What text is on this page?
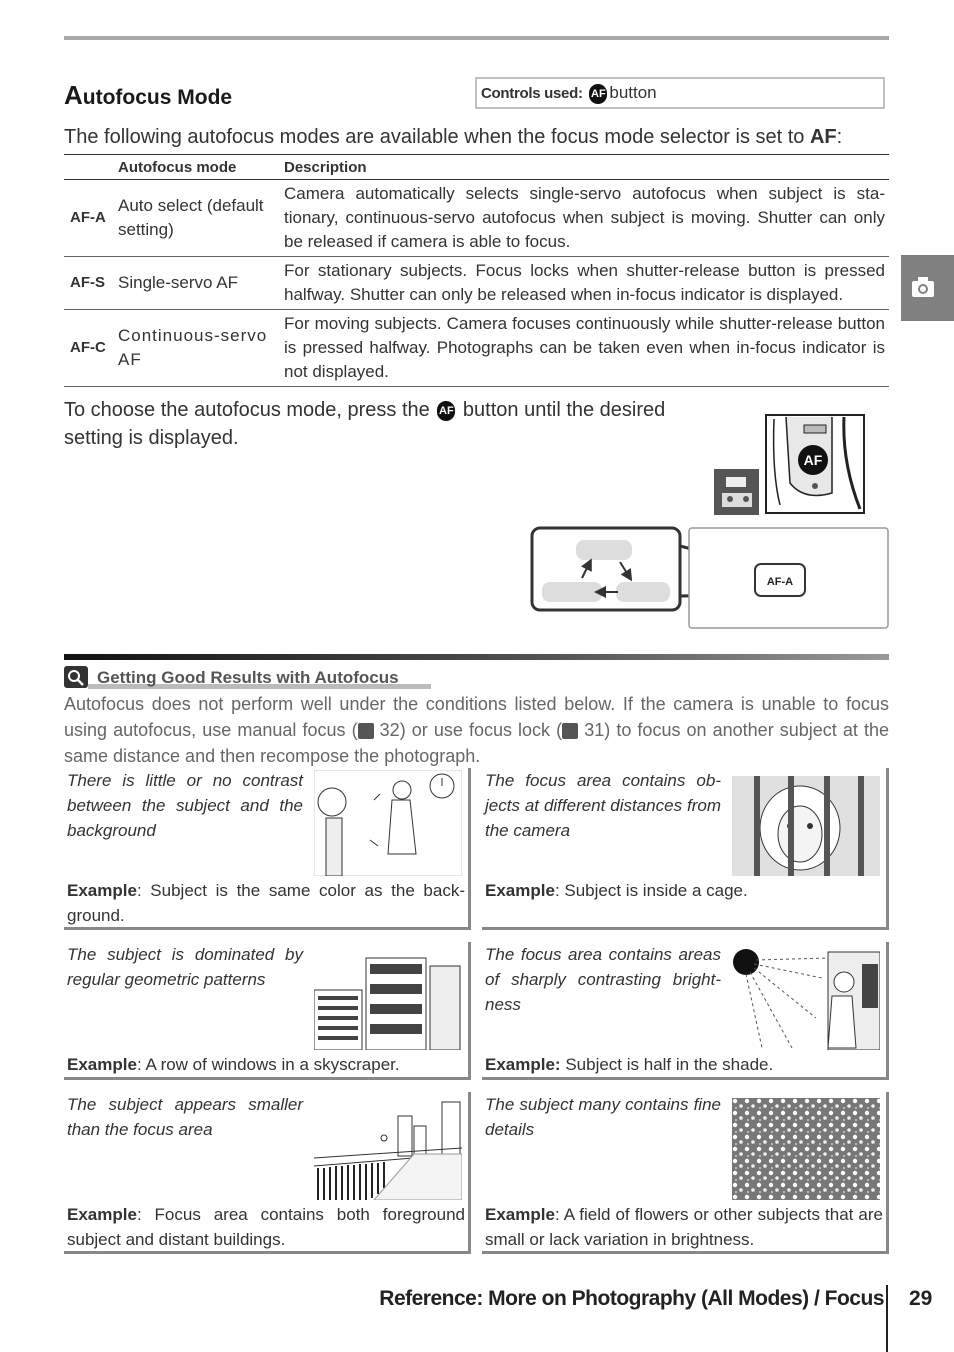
Autofocus Mode	Controls used: AF button
The following autofocus modes are available when the focus mode selector is set to AF:
	Autofocus mode	Description
AF-A	Auto select (default setting)	Camera automatically selects single-servo autofocus when subject is sta-tionary, continuous-servo autofocus when subject is moving. Shutter can only be released if camera is able to focus.
AF-S	Single-servo AF	For stationary subjects. Focus locks when shutter-release button is pressed halfway. Shutter can only be released when in-focus indicator is displayed.
AF-C	Continuous-servo AF	For moving subjects. Camera focuses continuously while shutter-release button is pressed halfway. Photographs can be taken even when in-focus indicator is not displayed.
To choose the autofocus mode, press the AF button until the desired setting is displayed.
AF
AF-A
Getting Good Results with Autofocus
Autofocus does not perform well under the conditions listed below. If the camera is unable to focus using autofocus, use manual focus ( 32) or use focus lock ( 31) to focus on another subject at the same distance and then recompose the photograph.
There is little or no contrast between the subject and the background
Example: Subject is the same color as the back-ground.
The focus area contains ob-jects at different distances from the camera
Example: Subject is inside a cage.
The subject is dominated by regular geometric patterns
Example: A row of windows in a skyscraper.
The focus area contains areas of sharply contrasting bright-ness
Example: Subject is half in the shade.
The subject appears smaller than the focus area
Example: Focus area contains both foreground subject and distant buildings.
The subject many contains fine details
Example: A field of flowers or other subjects that are small or lack variation in brightness.
Reference: More on Photography (All Modes) / Focus 29
